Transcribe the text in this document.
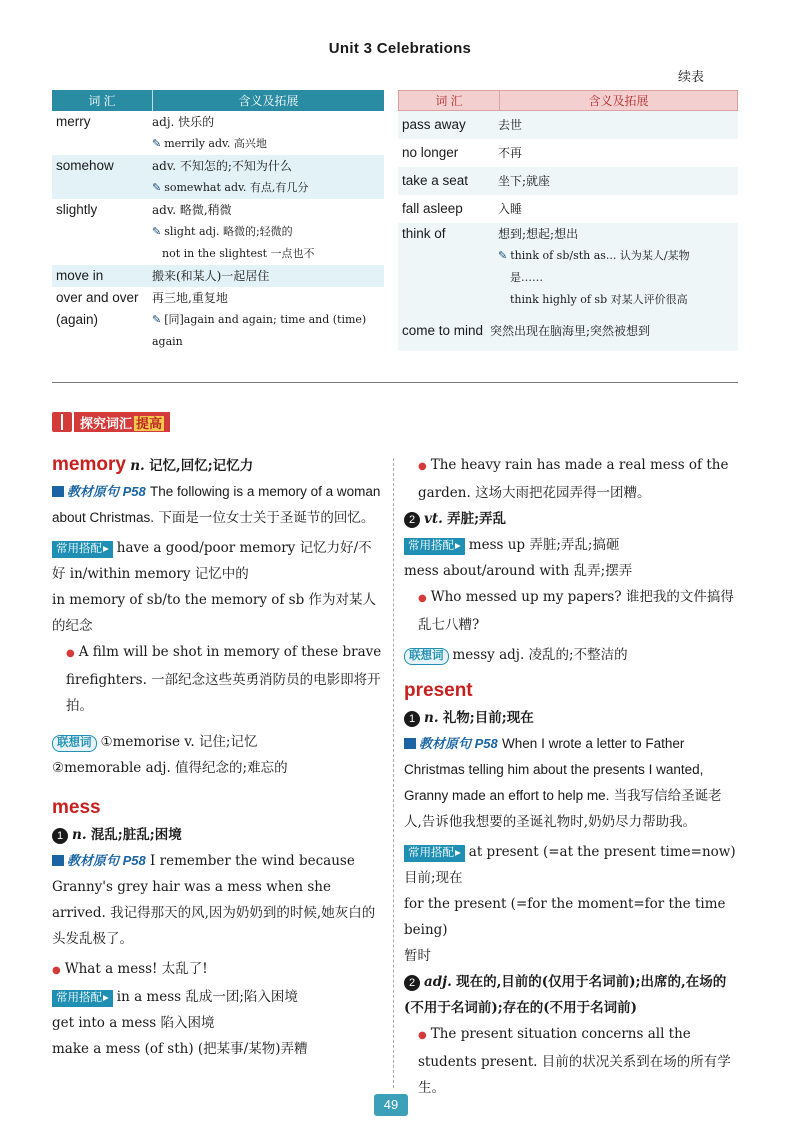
Unit 3 Celebrations
续表
词 汇	含义及拓展
merry	adj. 快乐的
✎ merrily adv. 高兴地
somehow	adv. 不知怎的;不知为什么
✎ somewhat adv. 有点,有几分
slightly	adv. 略微,稍微
✎ slight adj. 略微的;轻微的
not in the slightest 一点也不
move in	搬来(和某人)一起居住
over and over	再三地,重复地
(again)	✎ [同]again and again; time and (time)
again
词 汇	含义及拓展
pass away	去世
no longer	不再
take a seat	坐下;就座
fall asleep	入睡
think of	想到;想起;想出
✎ think of sb/sth as... 认为某人/某物
是……
think highly of sb 对某人评价很高
come to mind 突然出现在脑海里;突然被想到
探究词汇 提高

memory n. 记忆,回忆;记忆力

教材原句 P58 The following is a memory of a woman about Christmas. 下面是一位女士关于圣诞节的回忆。

常用搭配 ▸ have a good/poor memory 记忆力好/不好 in/within memory 记忆中的

in memory of sb/to the memory of sb 作为对某人的纪念

● A film will be shot in memory of these brave firefighters. 一部纪念这些英勇消防员的电影即将开拍。

联想词 ①memorise v. 记住;记忆

②memorable adj. 值得纪念的;难忘的

mess

1 n. 混乱;脏乱;困境

教材原句 P58 I remember the wind because Granny's grey hair was a mess when she arrived. 我记得那天的风,因为奶奶到的时候,她灰白的头发乱极了。

● What a mess! 太乱了!

常用搭配 ▸ in a mess 乱成一团;陷入困境

get into a mess 陷入困境

make a mess (of sth) (把某事/某物)弄糟

● The heavy rain has made a real mess of the garden. 这场大雨把花园弄得一团糟。

2 vt. 弄脏;弄乱

常用搭配 ▸ mess up 弄脏;弄乱;搞砸

mess about/around with 乱弄;摆弄

● Who messed up my papers? 谁把我的文件搞得乱七八糟?

联想词 messy adj. 凌乱的;不整洁的

present

1 n. 礼物;目前;现在

教材原句 P58 When I wrote a letter to Father Christmas telling him about the presents I wanted, Granny made an effort to help me. 当我写信给圣诞老人,告诉他我想要的圣诞礼物时,奶奶尽力帮助我。

常用搭配 ▸ at present (=at the present time=now)

目前;现在

for the present (=for the moment=for the time being)

暂时

2 adj. 现在的,目前的(仅用于名词前);出席的,在场的(不用于名词前);存在的(不用于名词前)

● The present situation concerns all the students present. 目前的状况关系到在场的所有学生。

49
